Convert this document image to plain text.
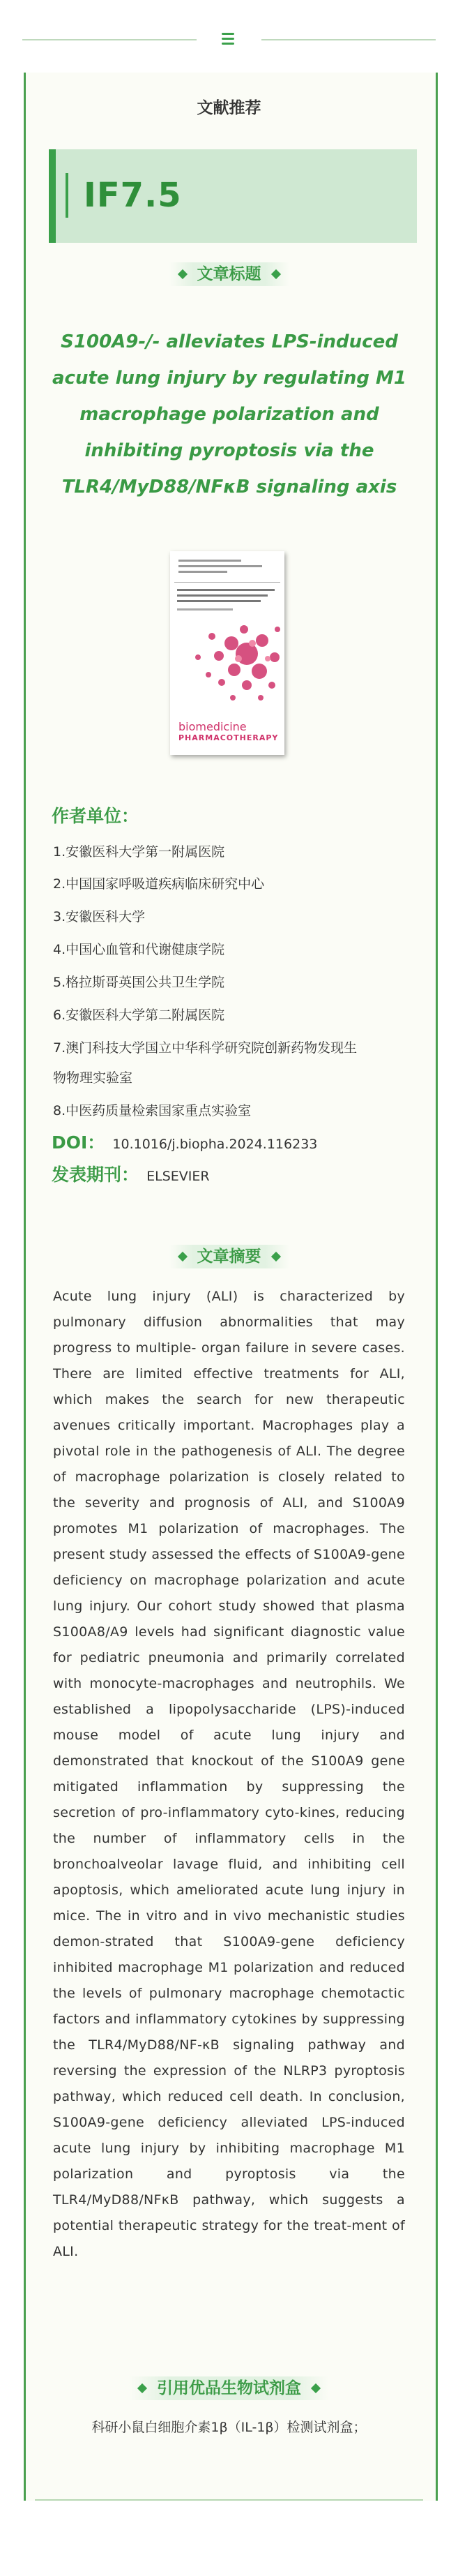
文献推荐
IF7.5
文章标题
S100A9-/- alleviates LPS-induced
acute lung injury by regulating M1
macrophage polarization and
inhibiting pyroptosis via the
TLR4/MyD88/NFκB signaling axis
biomedicine
PHARMACOTHERAPY
作者单位：
1.安徽医科大学第一附属医院
2.中国国家呼吸道疾病临床研究中心
3.安徽医科大学
4.中国心血管和代谢健康学院
5.格拉斯哥英国公共卫生学院
6.安徽医科大学第二附属医院
7.澳门科技大学国立中华科学研究院创新药物发现生
物物理实验室
8.中医药质量检索国家重点实验室
DOI： 10.1016/j.biopha.2024.116233
发表期刊： ELSEVIER
文章摘要
Acute lung injury (ALI) is characterized by pulmonary diffusion abnormalities that may progress to multiple- organ failure in severe cases. There are limited effective treatments for ALI, which makes the search for new therapeutic avenues critically important. Macrophages play a pivotal role in the pathogenesis of ALI. The degree of macrophage polarization is closely related to the severity and prognosis of ALI, and S100A9 promotes M1 polarization of macrophages. The present study assessed the effects of S100A9-gene deficiency on macrophage polarization and acute lung injury. Our cohort study showed that plasma S100A8/A9 levels had significant diagnostic value for pediatric pneumonia and primarily correlated with monocyte-macrophages and neutrophils. We established a lipopolysaccharide (LPS)-induced mouse model of acute lung injury and demonstrated that knockout of the S100A9 gene mitigated inflammation by suppressing the secretion of pro-inflammatory cyto-kines, reducing the number of inflammatory cells in the bronchoalveolar lavage fluid, and inhibiting cell apoptosis, which ameliorated acute lung injury in mice. The in vitro and in vivo mechanistic studies demon-strated that S100A9-gene deficiency inhibited macrophage M1 polarization and reduced the levels of pulmonary macrophage chemotactic factors and inflammatory cytokines by suppressing the TLR4/MyD88/NF-κB signaling pathway and reversing the expression of the NLRP3 pyroptosis pathway, which reduced cell death. In conclusion, S100A9-gene deficiency alleviated LPS-induced acute lung injury by inhibiting macrophage M1 polarization and pyroptosis via the TLR4/MyD88/NFκB pathway, which suggests a potential therapeutic strategy for the treat-ment of ALI.
引用优品生物试剂盒
科研小鼠白细胞介素1β（IL-1β）检测试剂盒；
